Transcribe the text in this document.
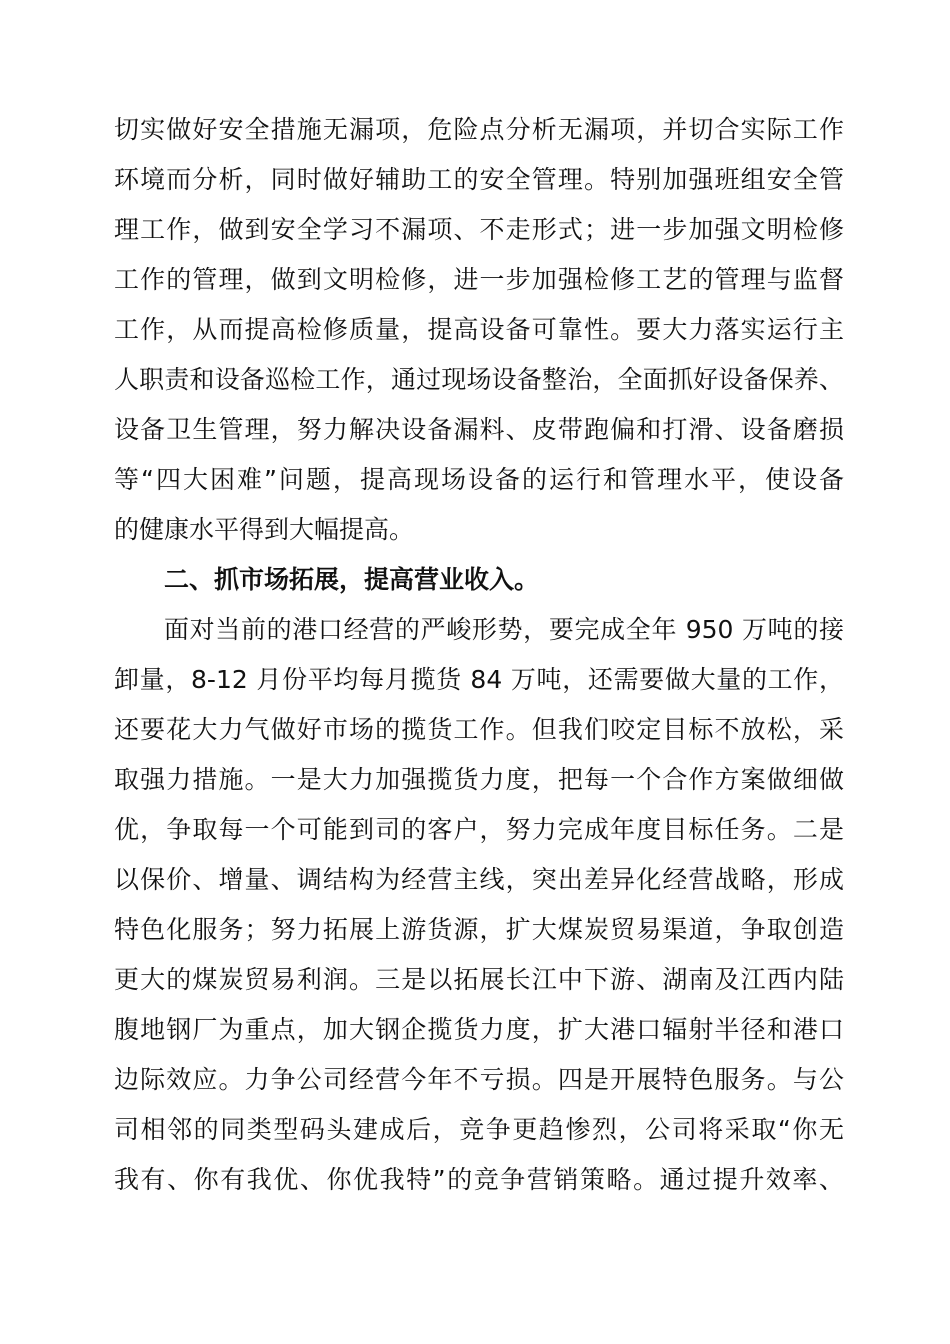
切实做好安全措施无漏项，危险点分析无漏项，并切合实际工作
环境而分析，同时做好辅助工的安全管理。特别加强班组安全管
理工作，做到安全学习不漏项、不走形式；进一步加强文明检修
工作的管理，做到文明检修，进一步加强检修工艺的管理与监督
工作，从而提高检修质量，提高设备可靠性。要大力落实运行主
人职责和设备巡检工作，通过现场设备整治，全面抓好设备保养、
设备卫生管理，努力解决设备漏料、皮带跑偏和打滑、设备磨损
等“四大困难”问题，提高现场设备的运行和管理水平，使设备
的健康水平得到大幅提高。
二、抓市场拓展，提高营业收入。
面对当前的港口经营的严峻形势，要完成全年 950 万吨的接
卸量，8-12 月份平均每月揽货 84 万吨，还需要做大量的工作，
还要花大力气做好市场的揽货工作。但我们咬定目标不放松，采
取强力措施。一是大力加强揽货力度，把每一个合作方案做细做
优，争取每一个可能到司的客户，努力完成年度目标任务。二是
以保价、增量、调结构为经营主线，突出差异化经营战略，形成
特色化服务；努力拓展上游货源，扩大煤炭贸易渠道，争取创造
更大的煤炭贸易利润。三是以拓展长江中下游、湖南及江西内陆
腹地钢厂为重点，加大钢企揽货力度，扩大港口辐射半径和港口
边际效应。力争公司经营今年不亏损。四是开展特色服务。与公
司相邻的同类型码头建成后，竞争更趋惨烈，公司将采取“你无
我有、你有我优、你优我特”的竞争营销策略。通过提升效率、
